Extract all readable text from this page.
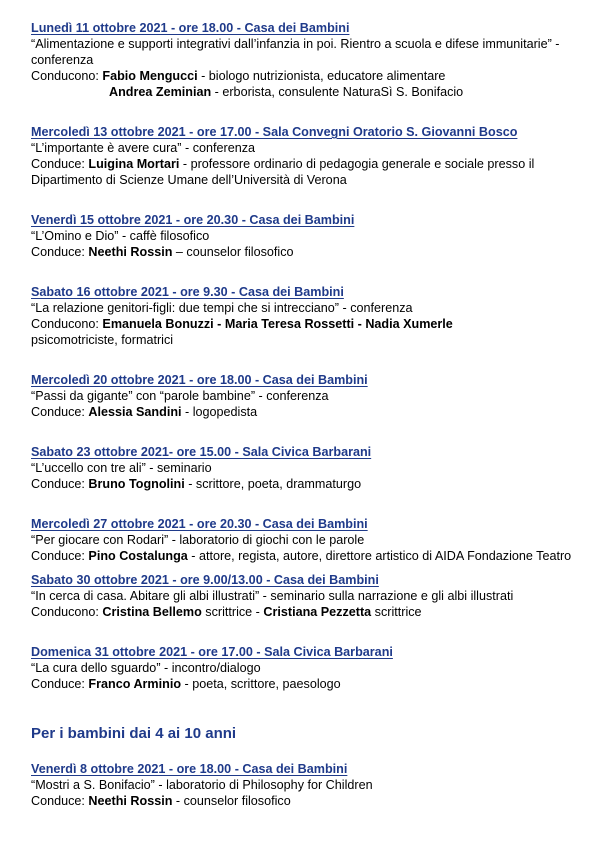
Lunedì 11 ottobre 2021 - ore 18.00 - Casa dei Bambini
“Alimentazione e supporti integrativi dall’infanzia in poi. Rientro a scuola e difese immunitarie” - conferenza
Conducono: Fabio Mengucci - biologo nutrizionista, educatore alimentare
Andrea Zeminian - erborista, consulente NaturaSì S. Bonifacio
Mercoledì 13 ottobre 2021 - ore 17.00 - Sala Convegni Oratorio S. Giovanni Bosco
“L’importante è avere cura” - conferenza
Conduce: Luigina Mortari - professore ordinario di pedagogia generale e sociale presso il Dipartimento di Scienze Umane dell’Università di Verona
Venerdì 15 ottobre 2021 - ore 20.30 - Casa dei Bambini
“L’Omino e Dio” - caffè filosofico
Conduce: Neethi Rossin – counselor filosofico
Sabato 16 ottobre 2021 - ore 9.30 - Casa dei Bambini
“La relazione genitori-figli: due tempi che si intrecciano” - conferenza
Conducono: Emanuela Bonuzzi - Maria Teresa Rossetti - Nadia Xumerle
psicomotriciste, formatrici
Mercoledì 20 ottobre 2021 - ore 18.00 - Casa dei Bambini
“Passi da gigante” con “parole bambine” - conferenza
Conduce: Alessia Sandini - logopedista
Sabato 23 ottobre 2021- ore 15.00 - Sala Civica Barbarani
“L’uccello con tre ali” - seminario
Conduce: Bruno Tognolini - scrittore, poeta, drammaturgo
Mercoledì 27 ottobre 2021 - ore 20.30 - Casa dei Bambini
“Per giocare con Rodari” - laboratorio di giochi con le parole
Conduce: Pino Costalunga - attore, regista, autore, direttore artistico di AIDA Fondazione Teatro
Sabato 30 ottobre 2021 - ore 9.00/13.00 - Casa dei Bambini
“In cerca di casa. Abitare gli albi illustrati” - seminario sulla narrazione e gli albi illustrati
Conducono: Cristina Bellemo scrittrice - Cristiana Pezzetta scrittrice
Domenica 31 ottobre 2021 - ore 17.00 - Sala Civica Barbarani
“La cura dello sguardo” - incontro/dialogo
Conduce: Franco Arminio - poeta, scrittore, paesologo
Per i bambini dai 4 ai 10 anni
Venerdì 8 ottobre 2021 - ore 18.00 - Casa dei Bambini
“Mostri a S. Bonifacio” - laboratorio di Philosophy for Children
Conduce: Neethi Rossin - counselor filosofico
